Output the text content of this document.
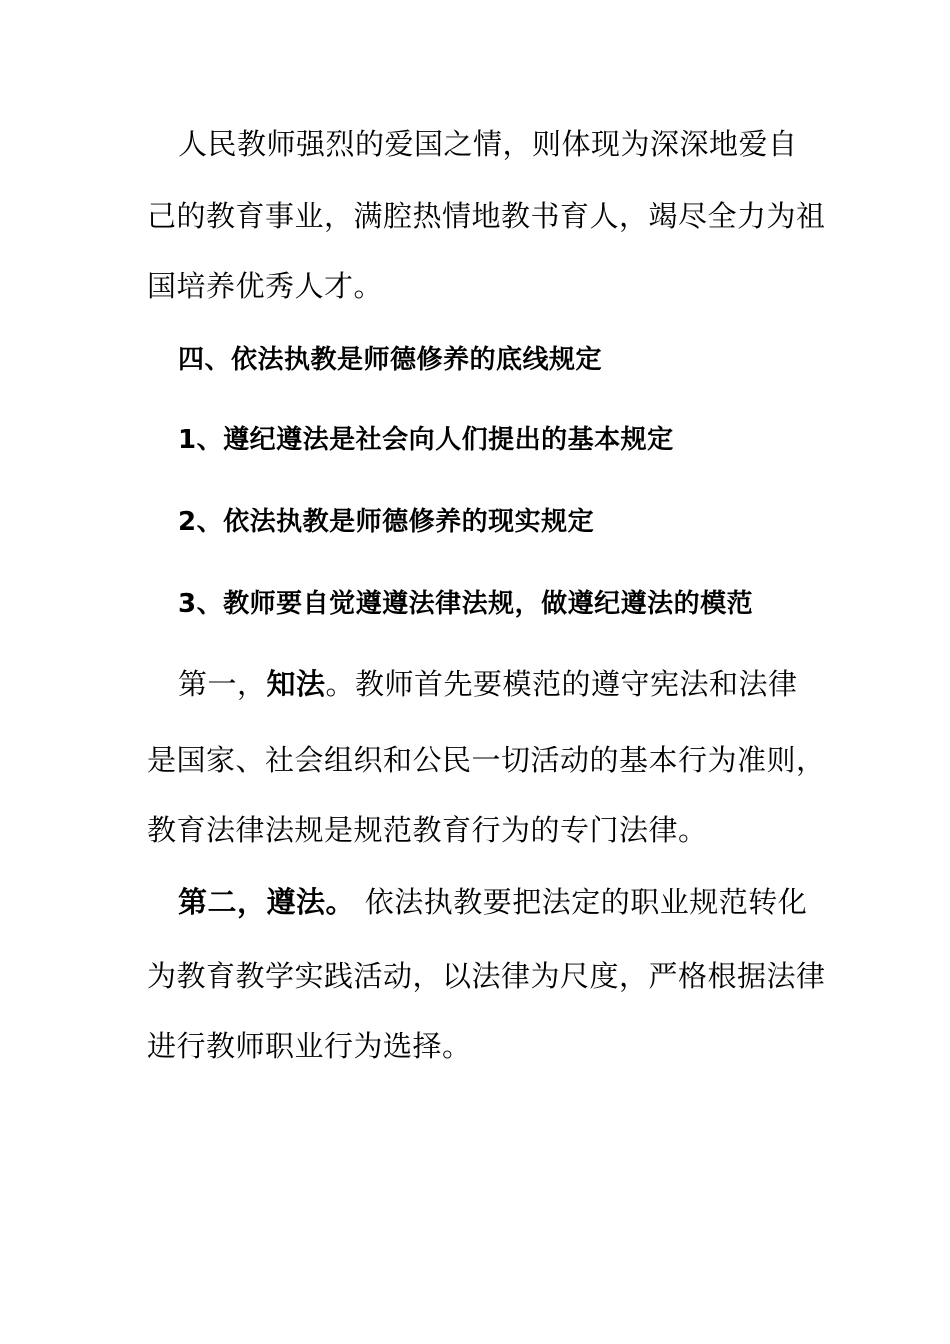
人民教师强烈的爱国之情，则体现为深深地爱自
己的教育事业，满腔热情地教书育人，竭尽全力为祖
国培养优秀人才。
四、依法执教是师德修养的底线规定
1、遵纪遵法是社会向人们提出的基本规定
2、依法执教是师德修养的现实规定
3、教师要自觉遵遵法律法规，做遵纪遵法的模范
第一，知法。教师首先要模范的遵守宪法和法律
是国家、社会组织和公民一切活动的基本行为准则，
教育法律法规是规范教育行为的专门法律。
第二，遵法。 依法执教要把法定的职业规范转化
为教育教学实践活动，以法律为尺度，严格根据法律
进行教师职业行为选择。
